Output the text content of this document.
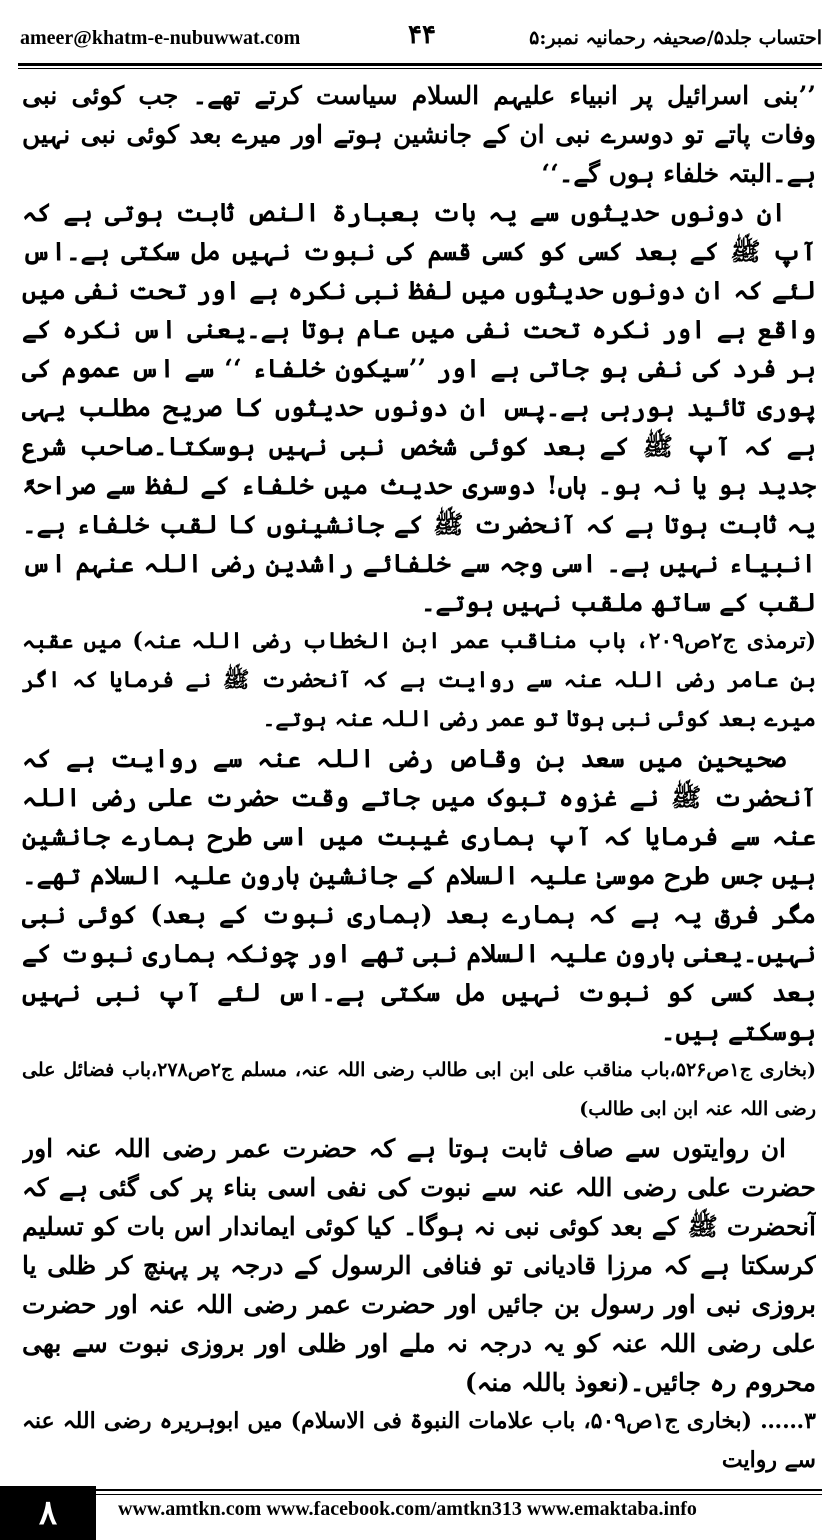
ameer@khatm-e-nubuwwat.com	۴۴	احتساب جلد۵/صحیفہ رحمانیہ نمبر:۵

’’بنی اسرائیل پر انبیاء علیہم السلام سیاست کرتے تھے۔ جب کوئی نبی وفات پاتے تو دوسرے نبی ان کے جانشین ہوتے اور میرے بعد کوئی نبی نہیں ہے۔البتہ خلفاء ہوں گے۔‘‘

ان دونوں حدیثوں سے یہ بات بعبارۃ النص ثابت ہوتی ہے کہ آپ ﷺ کے بعد کسی کو کسی قسم کی نبوت نہیں مل سکتی ہے۔اس لئے کہ ان دونوں حدیثوں میں لفظ نبی نکرہ ہے اور تحت نفی میں واقع ہے اور نکرہ تحت نفی میں عام ہوتا ہے۔یعنی اس نکرہ کے ہر فرد کی نفی ہو جاتی ہے اور ’’سیکون خلفاء ‘‘ سے اس عموم کی پوری تائید ہورہی ہے۔پس ان دونوں حدیثوں کا صریح مطلب یہی ہے کہ آپ ﷺ کے بعد کوئی شخص نبی نہیں ہوسکتا۔صاحب شرع جدید ہو یا نہ ہو۔ ہاں! دوسری حدیث میں خلفاء کے لفظ سے صراحۃً یہ ثابت ہوتا ہے کہ آنحضرت ﷺ کے جانشینوں کا لقب خلفاء ہے۔ انبیاء نہیں ہے۔ اسی وجہ سے خلفائے راشدین رضی اللہ عنہم اس لقب کے ساتھ ملقب نہیں ہوتے۔

(ترمذی ج۲ص۲۰۹، باب مناقب عمر ابن الخطاب رضی اللہ عنہ) میں عقبہ بن عامر رضی اللہ عنہ سے روایت ہے کہ آنحضرت ﷺ نے فرمایا کہ اگر میرے بعد کوئی نبی ہوتا تو عمر رضی اللہ عنہ ہوتے۔

صحیحین میں سعد بن وقاص رضی اللہ عنہ سے روایت ہے کہ آنحضرت ﷺ نے غزوہ تبوک میں جاتے وقت حضرت علی رضی اللہ عنہ سے فرمایا کہ آپ ہماری غیبت میں اسی طرح ہمارے جانشین ہیں جس طرح موسیٰ علیہ السلام کے جانشین ہارون علیہ السلام تھے۔مگر فرق یہ ہے کہ ہمارے بعد (ہماری نبوت کے بعد) کوئی نبی نہیں۔یعنی ہارون علیہ السلام نبی تھے اور چونکہ ہماری نبوت کے بعد کسی کو نبوت نہیں مل سکتی ہے۔اس لئے آپ نبی نہیں ہوسکتے ہیں۔

(بخاری ج۱ص۵۲۶،باب مناقب علی ابن ابی طالب رضی اللہ عنہ، مسلم ج۲ص۲۷۸،باب فضائل علی رضی اللہ عنہ ابن ابی طالب)

ان روایتوں سے صاف ثابت ہوتا ہے کہ حضرت عمر رضی اللہ عنہ اور حضرت علی رضی اللہ عنہ سے نبوت کی نفی اسی بناء پر کی گئی ہے کہ آنحضرت ﷺ کے بعد کوئی نبی نہ ہوگا۔ کیا کوئی ایماندار اس بات کو تسلیم کرسکتا ہے کہ مرزا قادیانی تو فنافی الرسول کے درجہ پر پہنچ کر ظلی یا بروزی نبی اور رسول بن جائیں اور حضرت عمر رضی اللہ عنہ اور حضرت علی رضی اللہ عنہ کو یہ درجہ نہ ملے اور ظلی اور بروزی نبوت سے بھی محروم رہ جائیں۔(نعوذ باللہ منہ)

۳…… (بخاری ج۱ص۵۰۹، باب علامات النبوۃ فی الاسلام) میں ابوہریرہ رضی اللہ عنہ سے روایت

۸	www.amtkn.com www.facebook.com/amtkn313 www.emaktaba.info
